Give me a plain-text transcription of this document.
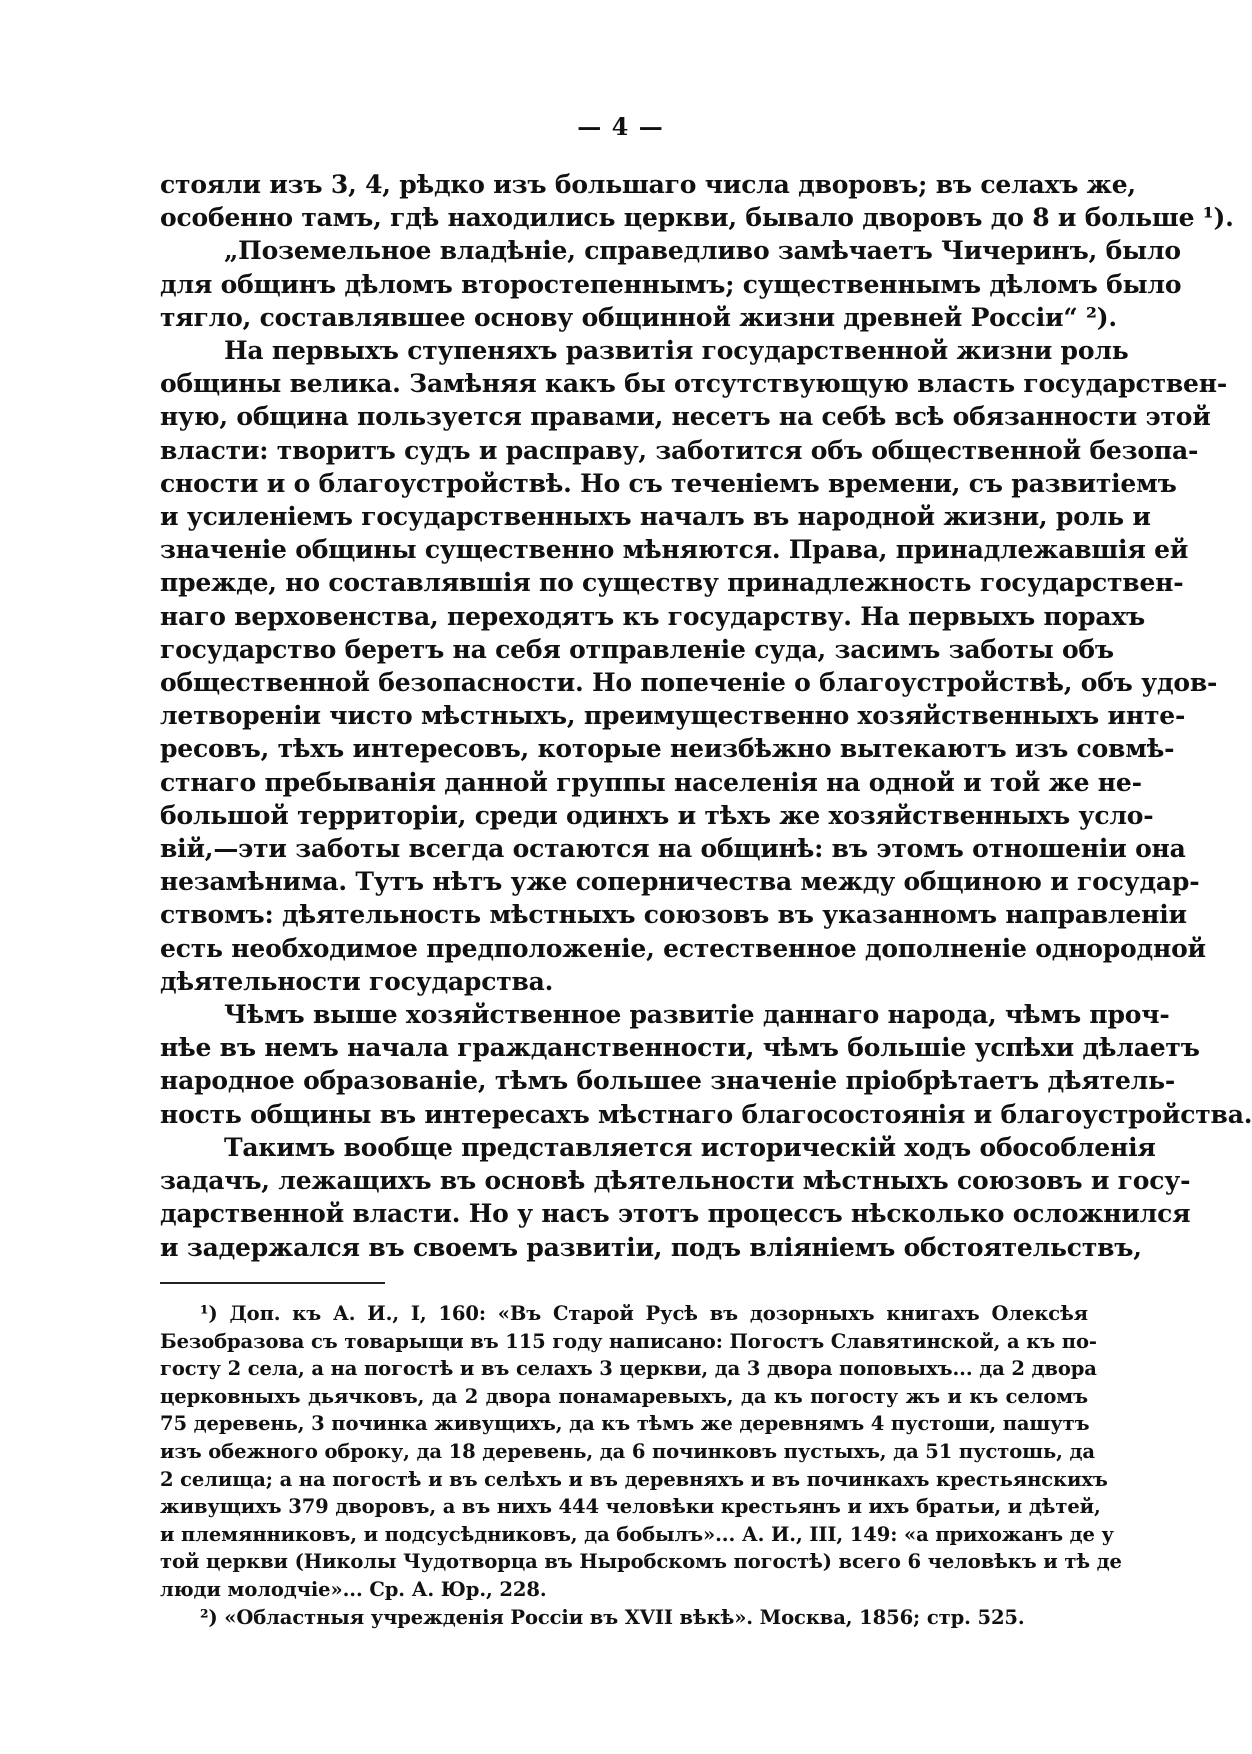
— 4 —
стояли изъ 3, 4, рѣдко изъ большаго числа дворовъ; въ селахъ же,
особенно тамъ, гдѣ находились церкви, бывало дворовъ до 8 и больше ¹).
„Поземельное владѣніе, справедливо замѣчаетъ Чичеринъ, было
для общинъ дѣломъ второстепеннымъ; существеннымъ дѣломъ было
тягло, составлявшее основу общинной жизни древней Россіи“ ²).
На первыхъ ступеняхъ развитія государственной жизни роль
общины велика. Замѣняя какъ бы отсутствующую власть государствен-
ную, община пользуется правами, несетъ на себѣ всѣ обязанности этой
власти: творитъ судъ и расправу, заботится объ общественной безопа-
сности и о благоустройствѣ. Но съ теченіемъ времени, съ развитіемъ
и усиленіемъ государственныхъ началъ въ народной жизни, роль и
значеніе общины существенно мѣняются. Права, принадлежавшія ей
прежде, но составлявшія по существу принадлежность государствен-
наго верховенства, переходятъ къ государству. На первыхъ порахъ
государство беретъ на себя отправленіе суда, засимъ заботы объ
общественной безопасности. Но попеченіе о благоустройствѣ, объ удов-
летвореніи чисто мѣстныхъ, преимущественно хозяйственныхъ инте-
ресовъ, тѣхъ интересовъ, которые неизбѣжно вытекаютъ изъ совмѣ-
стнаго пребыванія данной группы населенія на одной и той же не-
большой территоріи, среди одинхъ и тѣхъ же хозяйственныхъ усло-
вій,—эти заботы всегда остаются на общинѣ: въ этомъ отношеніи она
незамѣнима. Тутъ нѣтъ уже соперничества между общиною и государ-
ствомъ: дѣятельность мѣстныхъ союзовъ въ указанномъ направленіи
есть необходимое предположеніе, естественное дополненіе однородной
дѣятельности государства.
Чѣмъ выше хозяйственное развитіе даннаго народа, чѣмъ проч-
нѣе въ немъ начала гражданственности, чѣмъ большіе успѣхи дѣлаетъ
народное образованіе, тѣмъ большее значеніе пріобрѣтаетъ дѣятель-
ность общины въ интересахъ мѣстнаго благосостоянія и благоустройства.
Такимъ вообще представляется историческій ходъ обособленія
задачъ, лежащихъ въ основѣ дѣятельности мѣстныхъ союзовъ и госу-
дарственной власти. Но у насъ этотъ процессъ нѣсколько осложнился
и задержался въ своемъ развитіи, подъ вліяніемъ обстоятельствъ,
¹) Доп. къ А. И., I, 160: «Въ Старой Русѣ въ дозорныхъ книгахъ Олексѣя
Безобразова съ товарыщи въ 115 году написано: Погостъ Славятинской, а къ по-
госту 2 села, а на погостѣ и въ селахъ 3 церкви, да 3 двора поповыхъ... да 2 двора
церковныхъ дьячковъ, да 2 двора понамаревыхъ, да къ погосту жъ и къ селомъ
75 деревень, 3 починка живущихъ, да къ тѣмъ же деревнямъ 4 пустоши, пашутъ
изъ обежного оброку, да 18 деревень, да 6 починковъ пустыхъ, да 51 пустошь, да
2 селища; а на погостѣ и въ селѣхъ и въ деревняхъ и въ починкахъ крестьянскихъ
живущихъ 379 дворовъ, а въ нихъ 444 человѣки крестьянъ и ихъ братьи, и дѣтей,
и племянниковъ, и подсусѣдниковъ, да бобылъ»... А. И., III, 149: «а прихожанъ де у
той церкви (Николы Чудотворца въ Ныробскомъ погостѣ) всего 6 человѣкъ и тѣ де
люди молодчіе»... Ср. А. Юр., 228.
²) «Областныя учрежденія Россіи въ XVII вѣкѣ». Москва, 1856; стр. 525.
